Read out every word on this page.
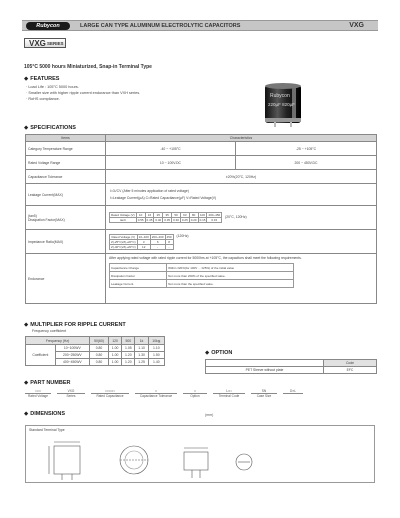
Rubycon	LARGE CAN TYPE ALUMINUM ELECTROLYTIC CAPACITORS	VXG
VXG SERIES
105°C 5000 hours Miniaturized, Snap-in Terminal Type
◆ FEATURES
· Load Life : 105°C 5000 hours.
· Smaller size with higher ripple current endurance than VXH series.
· RoHS compliance.	Rubycon
220µF 820µF
◆ SPECIFICATIONS
Items	Characteristics
Category Temperature Range	-40 ~ +105°C	-25 ~ +105°C
Rated Voltage Range	10 ~ 100V.DC	200 ~ 450V.DC
Capacitance Tolerance	±20%(20°C, 120Hz)
Leakage Current(MAX)	
I=3√CV (After 5 minutes application of rated voltage)
I=Leakage Current(µA) C=Rated Capacitance(µF) V=Rated Voltage(V)

(tanδ)
Dissipation Factor(MAX)	Rated Voltage (V)	10	16	25	35	50	63	80	100	200~450
tanδ	0.55	0.45	0.40	0.35	0.30	0.25	0.20	0.15	0.15 (20°C, 120Hz)
Impedance Ratio(MAX)	Rated Voltage (V)	10~100	200~400	450
Z(-25°C)/Z(+20°C)	3	6	8
Z(-40°C)/Z(+20°C)	12	-	- (120Hz)
Endurance	
After applying rated voltage with rated ripple current for 5000hrs at +105°C, the capacitors shall meet the following requirements.
Capacitance Change	Within ±20%(for 100V ... ±25%) of the initial value
Dissipation Factor	Not more than 200% of the specified value.
Leakage Current	Not more than the specified value.
◆ MULTIPLIER FOR RIPPLE CURRENT
Frequency coefficient
Frequency (Hz)		50(60)	120	500	1k	10k≦
Coefficient	10~100WV	0.80	1.00	1.05	1.10	1.10
	200~250WV	0.80	1.00	1.20	1.30	1.50
	400~450WV	0.80	1.00	1.20	1.25	1.40
◆ OPTION
	Code
PET Sleeve without plate	EFC
◆ PART NUMBER
□□□
Rated Voltage
VXG
Series
□□□□□
Rated Capacitance
□
Capacitance Tolerance
□
Option
L□□
Terminal Code
SN
Case Size
D×L
◆ DIMENSIONS	(mm)
Standard Terminal Type
